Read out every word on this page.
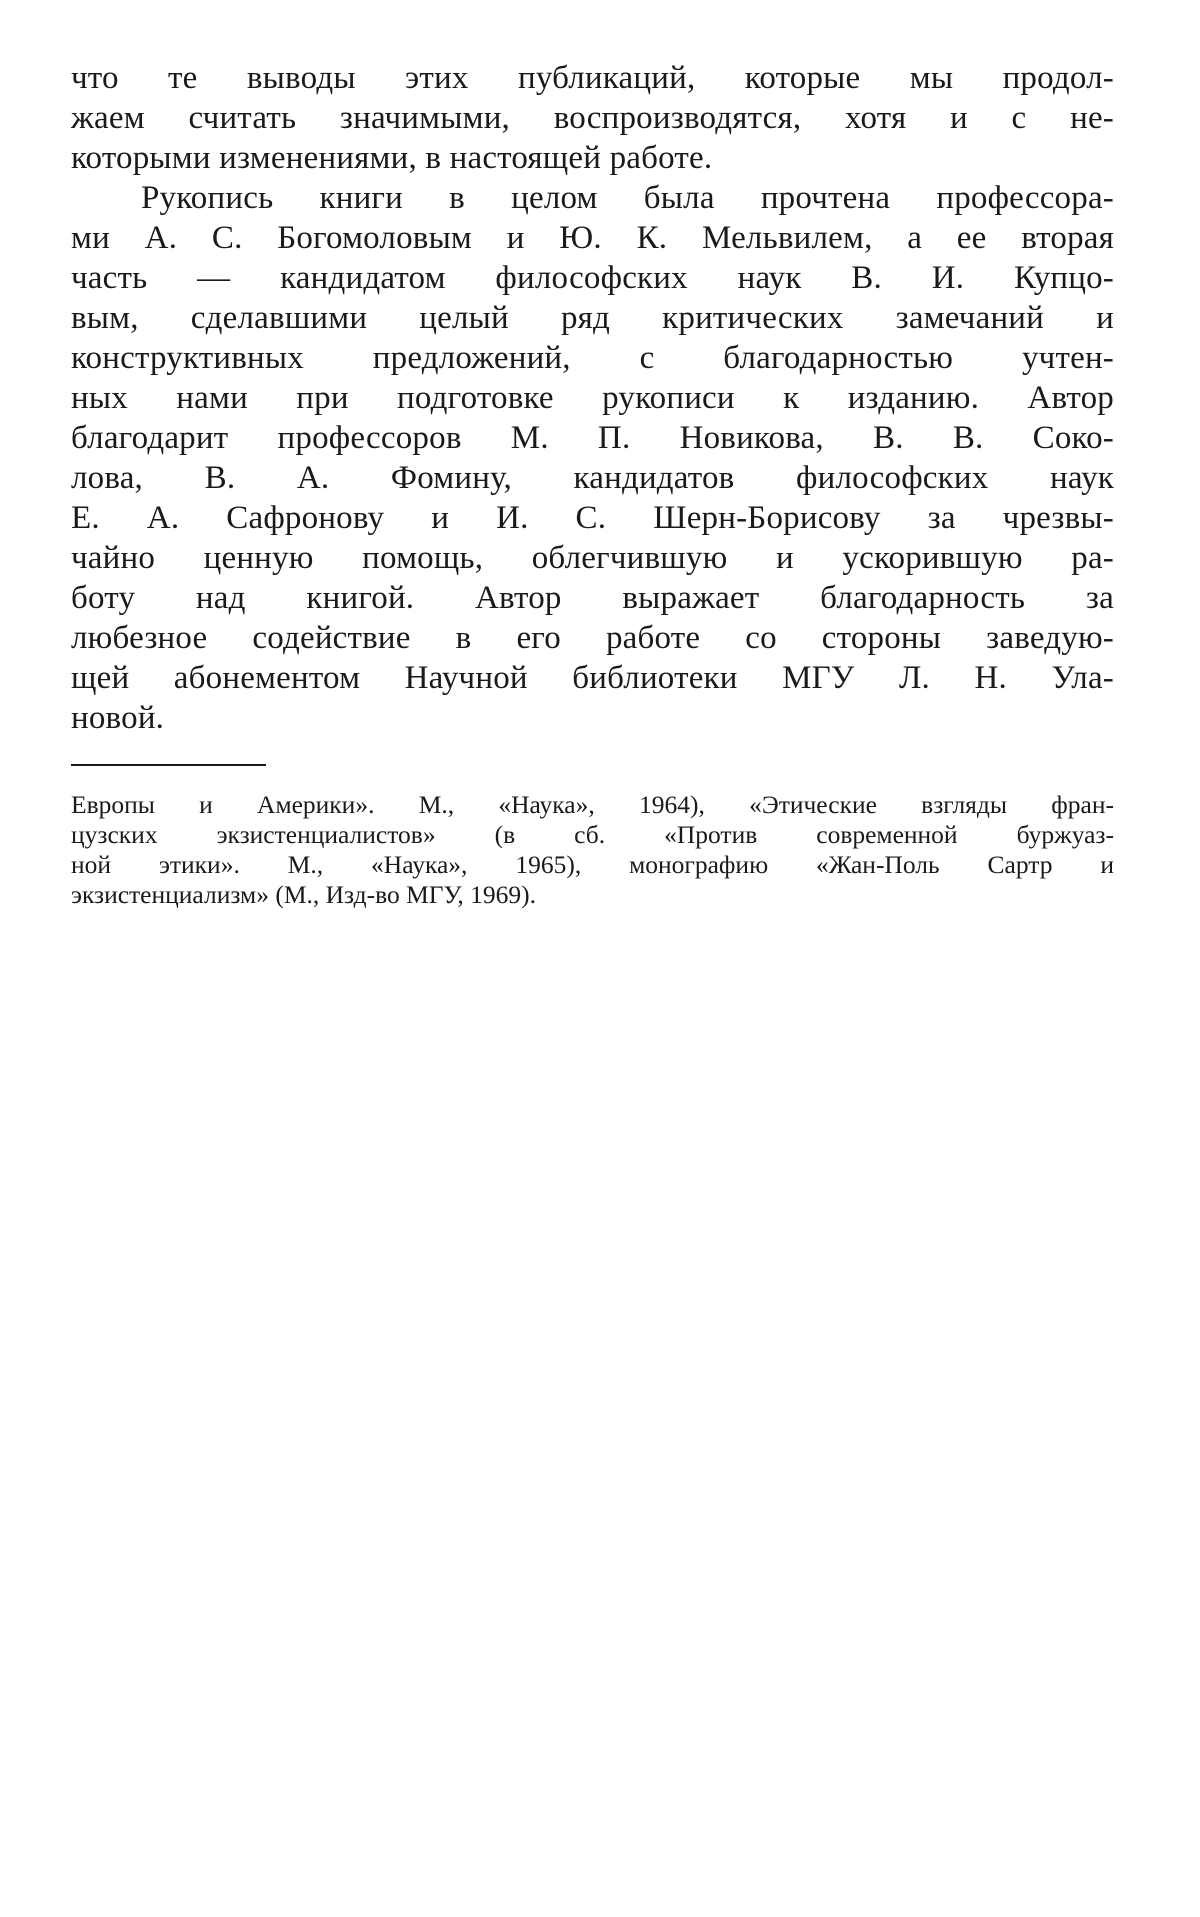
что те выводы этих публикаций, которые мы продол-
жаем считать значимыми, воспроизводятся, хотя и с не-
которыми изменениями, в настоящей работе.
Рукопись книги в целом была прочтена профессора-
ми А. С. Богомоловым и Ю. К. Мельвилем, а ее вторая
часть — кандидатом философских наук В. И. Купцо-
вым, сделавшими целый ряд критических замечаний и
конструктивных предложений, с благодарностью учтен-
ных нами при подготовке рукописи к изданию. Автор
благодарит профессоров М. П. Новикова, В. В. Соко-
лова, В. А. Фомину, кандидатов философских наук
Е. А. Сафронову и И. С. Шерн-Борисову за чрезвы-
чайно ценную помощь, облегчившую и ускорившую ра-
боту над книгой. Автор выражает благодарность за
любезное содействие в его работе со стороны заведую-
щей абонементом Научной библиотеки МГУ Л. Н. Ула-
новой.
Европы и Америки». М., «Наука», 1964), «Этические взгляды фран-
цузских экзистенциалистов» (в сб. «Против современной буржуаз-
ной этики». М., «Наука», 1965), монографию «Жан-Поль Сартр и
экзистенциализм» (М., Изд-во МГУ, 1969).
